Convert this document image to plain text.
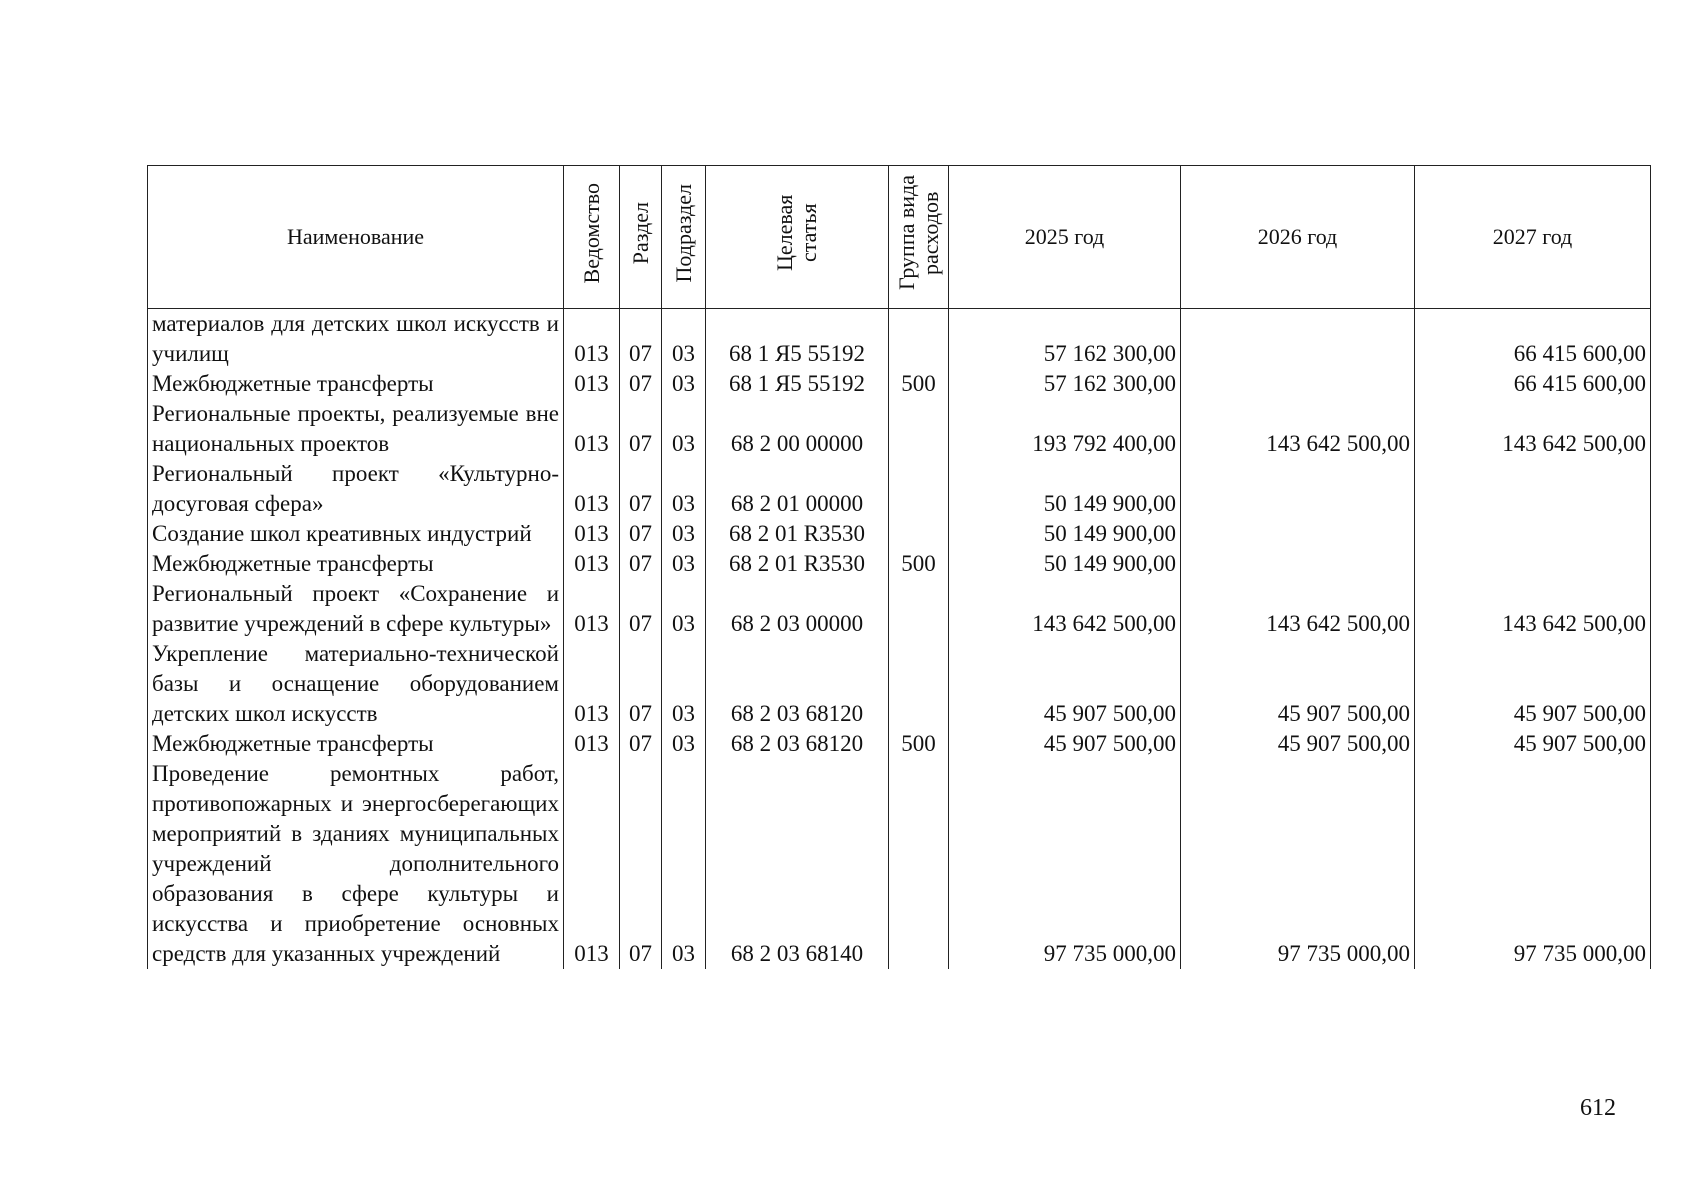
Наименование	Ведомство	Раздел	Подраздел	Целевая статья	Группа вида расходов	2025 год	2026 год	2027 год
материалов для детских школ искусств и училищ	013	07	03	68 1 Я5 55192		57 162 300,00		66 415 600,00
Межбюджетные трансферты	013	07	03	68 1 Я5 55192	500	57 162 300,00		66 415 600,00
Региональные проекты, реализуемые вне национальных проектов	013	07	03	68 2 00 00000		193 792 400,00	143 642 500,00	143 642 500,00
Региональный проект «Культурно-досуговая сфера»	013	07	03	68 2 01 00000		50 149 900,00		
Создание школ креативных индустрий	013	07	03	68 2 01 R3530		50 149 900,00		
Межбюджетные трансферты	013	07	03	68 2 01 R3530	500	50 149 900,00		
Региональный проект «Сохранение и развитие учреждений в сфере культуры»	013	07	03	68 2 03 00000		143 642 500,00	143 642 500,00	143 642 500,00
Укрепление материально-технической базы и оснащение оборудованием детских школ искусств	013	07	03	68 2 03 68120		45 907 500,00	45 907 500,00	45 907 500,00
Межбюджетные трансферты	013	07	03	68 2 03 68120	500	45 907 500,00	45 907 500,00	45 907 500,00
Проведение ремонтных работ, противопожарных и энергосберегающих мероприятий в зданиях муниципальных учреждений дополнительного образования в сфере культуры и искусства и приобретение основных средств для указанных учреждений	013	07	03	68 2 03 68140		97 735 000,00	97 735 000,00	97 735 000,00
612
